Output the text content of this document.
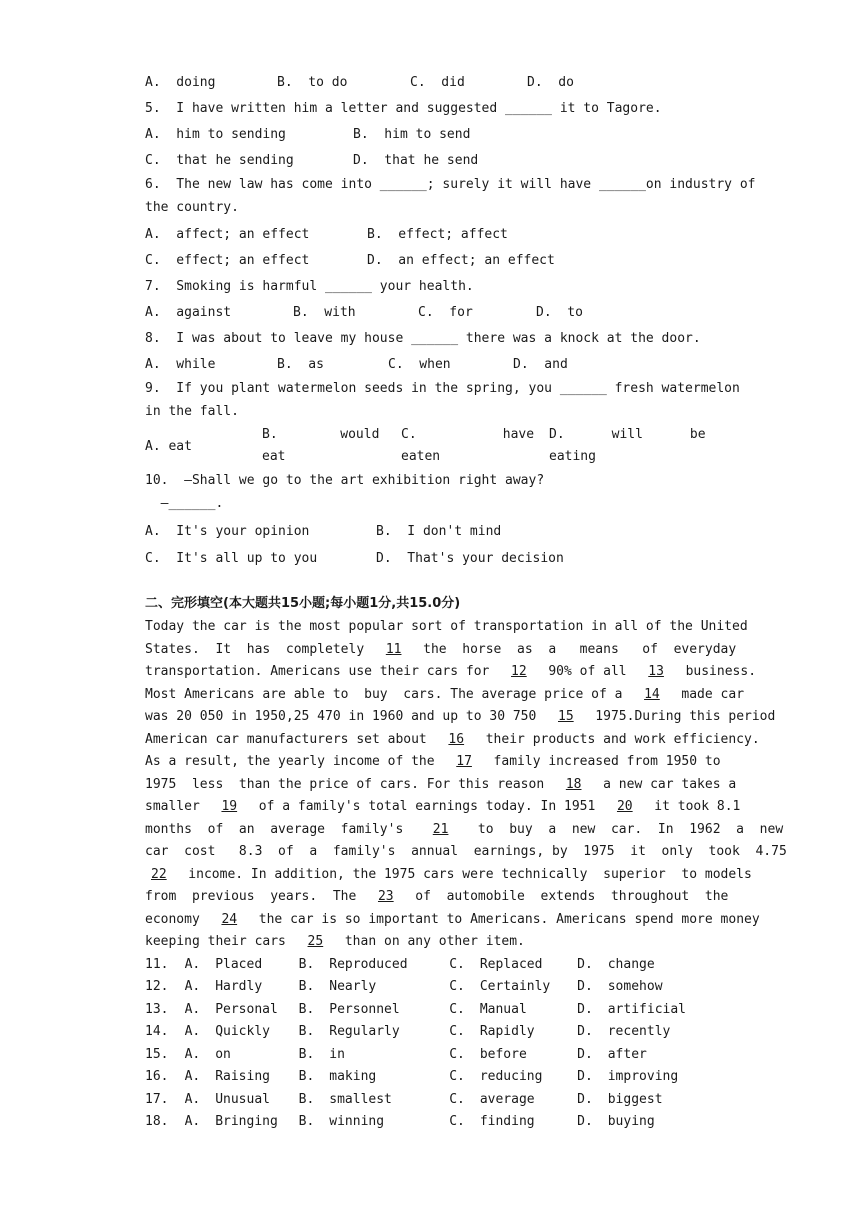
A.  doing	B.  to do	C.  did	D.  do
5.  I have written him a letter and suggested ______ it to Tagore.
A.  him to sending	B.  him to send
C.  that he sending	D.  that he send
6.  The new law has come into ______; surely it will have ______on industry of
the country.
A.  affect; an effect	B.  effect; affect
C.  effect; an effect	D.  an effect; an effect
7.  Smoking is harmful ______ your health.
A.  against	B.  with	C.  for	D.  to
8.  I was about to leave my house ______ there was a knock at the door.
A.  while	B.  as	C.  when	D.  and
9.  If you plant watermelon seeds in the spring, you ______ fresh watermelon
in the fall.
A. eat
B.        would
eat
C.           have
eaten
D.      will      be
eating
10.  —Shall we go to the art exhibition right away?
—______.
A.  It's your opinion	B.  I don't mind
C.  It's all up to you	D.  That's your decision
二、完形填空(本大题共15小题;每小题1分,共15.0分)
Today the car is the most popular sort of transportation in all of the United
States.  It  has  completely  11  the  horse  as  a   means   of  everyday
transportation. Americans use their cars for  12  90% of all  13  business.
Most Americans are able to  buy  cars. The average price of a  14  made car
was 20 050 in 1950,25 470 in 1960 and up to 30 750  15  1975.During this period
American car manufacturers set about  16  their products and work efficiency.
As a result, the yearly income of the  17  family increased from 1950 to
1975  less  than the price of cars. For this reason  18  a new car takes a
smaller  19  of a family's total earnings today. In 1951  20  it took 8.1
months  of  an  average  family's   21   to  buy  a  new  car.  In  1962  a  new
car  cost   8.3  of  a  family's  annual  earnings, by  1975  it  only  took  4.75
22  income. In addition, the 1975 cars were technically  superior  to models
from  previous  years.  The  23  of  automobile  extends  throughout  the
economy  24  the car is so important to Americans. Americans spend more money
keeping their cars  25  than on any other item.
11.	A.	Placed	B.	Reproduced	C.	Replaced	D.	change
12.	A.	Hardly	B.	Nearly	C.	Certainly	D.	somehow
13.	A.	Personal	B.	Personnel	C.	Manual	D.	artificial
14.	A.	Quickly	B.	Regularly	C.	Rapidly	D.	recently
15.	A.	on	B.	in	C.	before	D.	after
16.	A.	Raising	B.	making	C.	reducing	D.	improving
17.	A.	Unusual	B.	smallest	C.	average	D.	biggest
18.	A.	Bringing	B.	winning	C.	finding	D.	buying
